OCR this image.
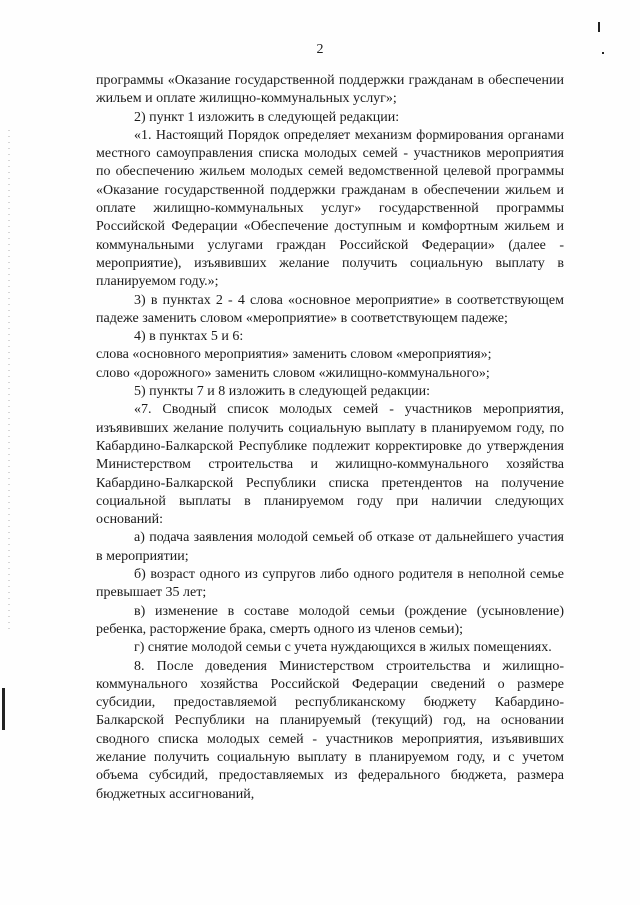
2

программы «Оказание государственной поддержки гражданам в обеспечении жильем и оплате жилищно-коммунальных услуг»;

2) пункт 1 изложить в следующей редакции:

«1. Настоящий Порядок определяет механизм формирования органами местного самоуправления списка молодых семей - участников мероприятия по обеспечению жильем молодых семей ведомственной целевой программы «Оказание государственной поддержки гражданам в обеспечении жильем и оплате жилищно-коммунальных услуг» государственной программы Российской Федерации «Обеспечение доступным и комфортным жильем и коммунальными услугами граждан Российской Федерации» (далее - мероприятие), изъявивших желание получить социальную выплату в планируемом году.»;

3) в пунктах 2 - 4 слова «основное мероприятие» в соответствующем падеже заменить словом «мероприятие» в соответствующем падеже;

4) в пунктах 5 и 6:

слова «основного мероприятия» заменить словом «мероприятия»;

слово «дорожного» заменить словом «жилищно-коммунального»;

5) пункты 7 и 8 изложить в следующей редакции:

«7. Сводный список молодых семей - участников мероприятия, изъявивших желание получить социальную выплату в планируемом году, по Кабардино-Балкарской Республике подлежит корректировке до утверждения Министерством строительства и жилищно-коммунального хозяйства Кабардино-Балкарской Республики списка претендентов на получение социальной выплаты в планируемом году при наличии следующих оснований:

а) подача заявления молодой семьей об отказе от дальнейшего участия в мероприятии;

б) возраст одного из супругов либо одного родителя в неполной семье превышает 35 лет;

в) изменение в составе молодой семьи (рождение (усыновление) ребенка, расторжение брака, смерть одного из членов семьи);

г) снятие молодой семьи с учета нуждающихся в жилых помещениях.

8. После доведения Министерством строительства и жилищно-коммунального хозяйства Российской Федерации сведений о размере субсидии, предоставляемой республиканскому бюджету Кабардино-Балкарской Республики на планируемый (текущий) год, на основании сводного списка молодых семей - участников мероприятия, изъявивших желание получить социальную выплату в планируемом году, и с учетом объема субсидий, предоставляемых из федерального бюджета, размера бюджетных ассигнований,
